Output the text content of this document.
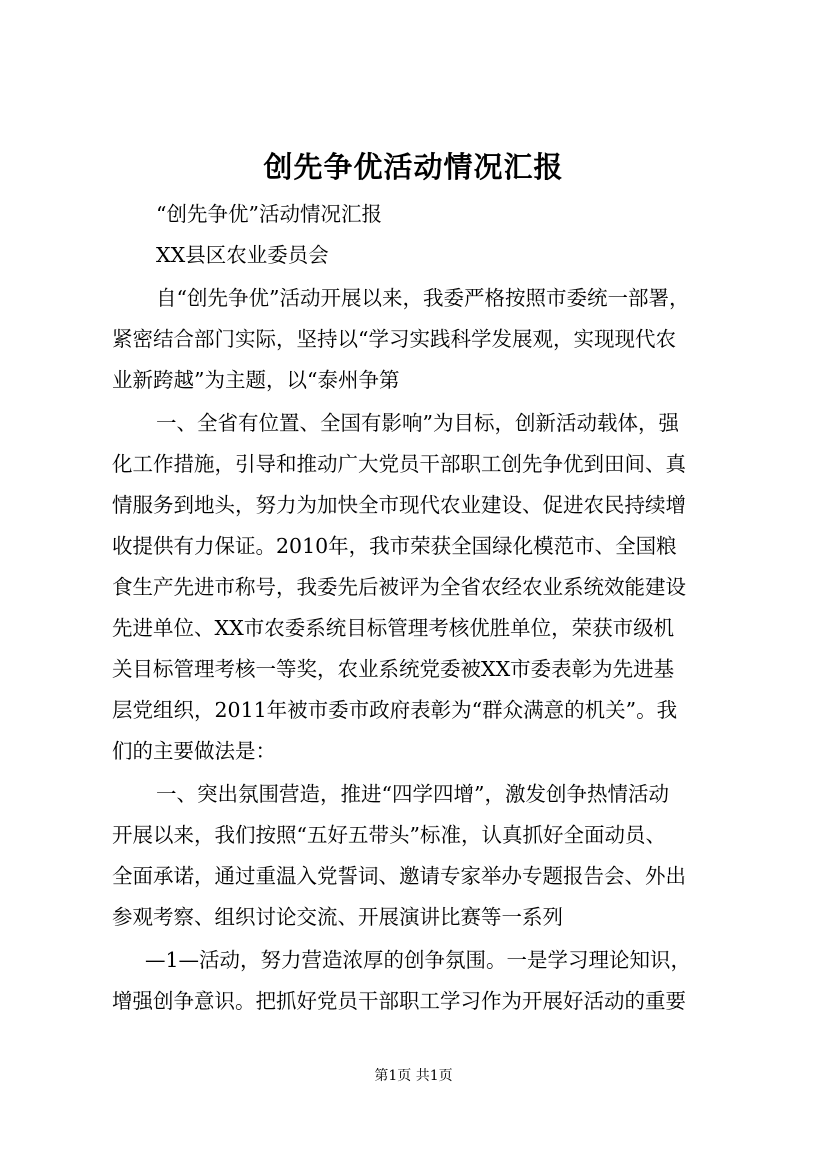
创先争优活动情况汇报
“创先争优”活动情况汇报
XX县区农业委员会
自“创先争优”活动开展以来，我委严格按照市委统一部署，
紧密结合部门实际，坚持以“学习实践科学发展观，实现现代农
业新跨越”为主题，以“泰州争第
一、全省有位置、全国有影响”为目标，创新活动载体，强
化工作措施，引导和推动广大党员干部职工创先争优到田间、真
情服务到地头，努力为加快全市现代农业建设、促进农民持续增
收提供有力保证。2010年，我市荣获全国绿化模范市、全国粮
食生产先进市称号，我委先后被评为全省农经农业系统效能建设
先进单位、XX市农委系统目标管理考核优胜单位，荣获市级机
关目标管理考核一等奖，农业系统党委被XX市委表彰为先进基
层党组织，2011年被市委市政府表彰为“群众满意的机关”。我
们的主要做法是：
一、突出氛围营造，推进“四学四增”，激发创争热情活动
开展以来，我们按照“五好五带头”标准，认真抓好全面动员、
全面承诺，通过重温入党誓词、邀请专家举办专题报告会、外出
参观考察、组织讨论交流、开展演讲比赛等一系列
—1—活动，努力营造浓厚的创争氛围。一是学习理论知识，
增强创争意识。把抓好党员干部职工学习作为开展好活动的重要
第1页 共1页
